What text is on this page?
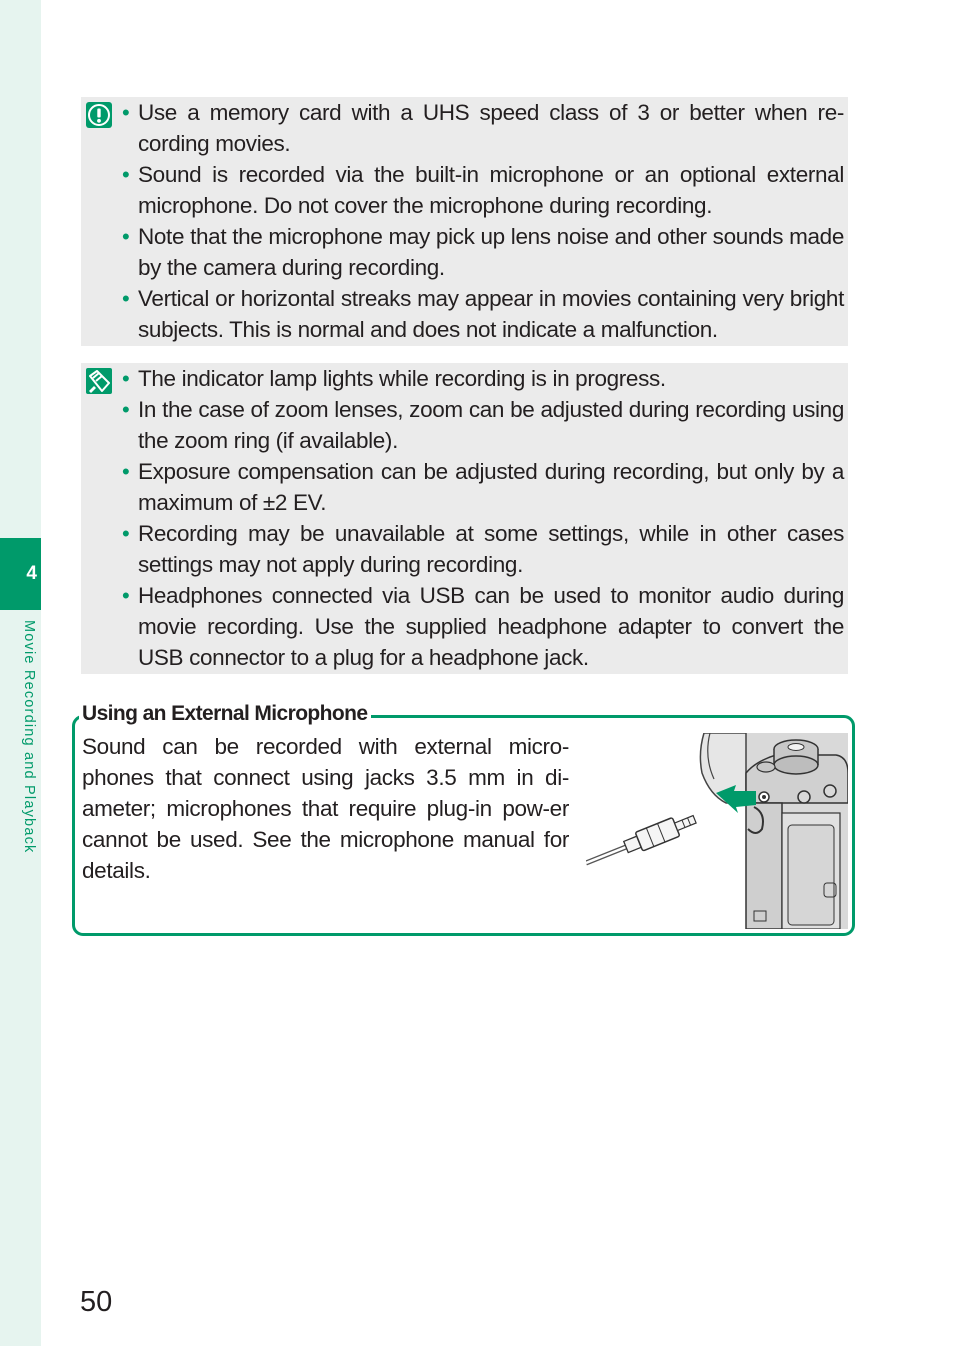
4
Movie Recording and Playback
• Use a memory card with a UHS speed class of 3 or better when re-cording movies.
• Sound is recorded via the built-in microphone or an optional external microphone. Do not cover the microphone during recording.
• Note that the microphone may pick up lens noise and other sounds made by the camera during recording.
• Vertical or horizontal streaks may appear in movies containing very bright subjects. This is normal and does not indicate a malfunction.
• The indicator lamp lights while recording is in progress.
• In the case of zoom lenses, zoom can be adjusted during recording using the zoom ring (if available).
• Exposure compensation can be adjusted during recording, but only by a maximum of ±2 EV.
• Recording may be unavailable at some settings, while in other cases settings may not apply during recording.
• Headphones connected via USB can be used to monitor audio during movie recording. Use the supplied headphone adapter to convert the USB connector to a plug for a headphone jack.
Using an External Microphone

Sound can be recorded with external micro-phones that connect using jacks 3.5 mm in di-ameter; microphones that require plug-in pow-er cannot be used. See the microphone manual for details.

50
